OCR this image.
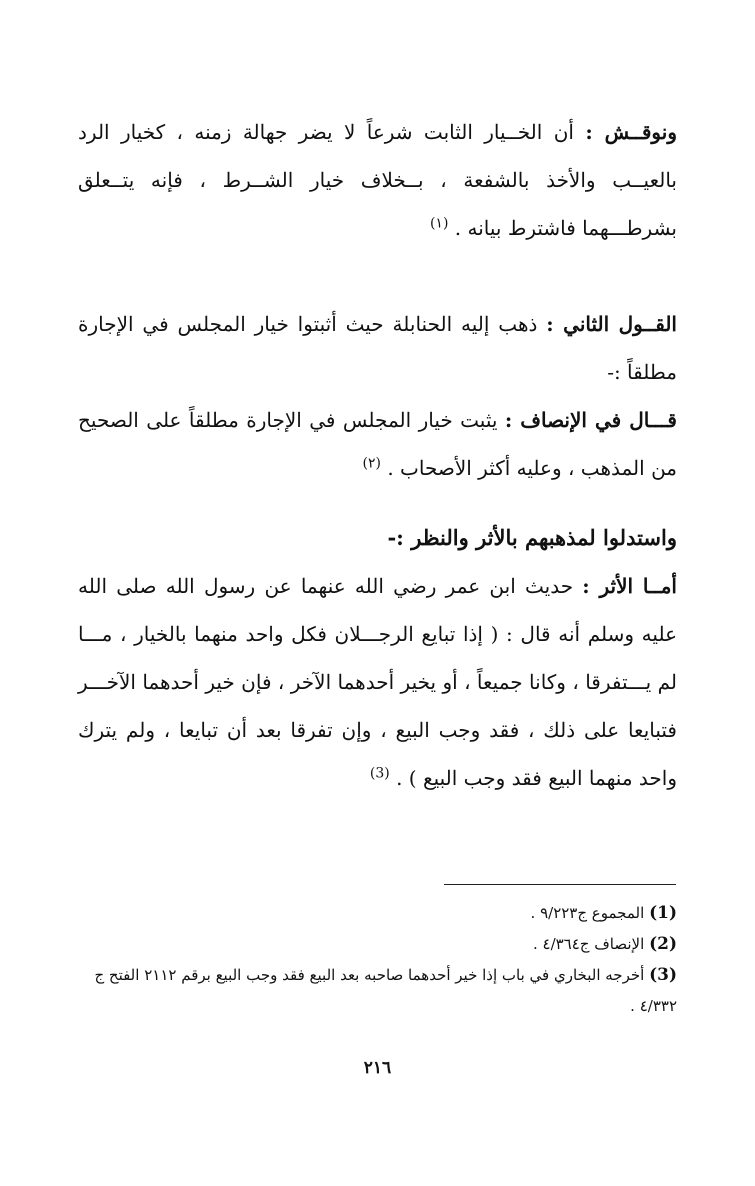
ونوقــش : أن الخــيار الثابت شرعاً لا يضر جهالة زمنه ، كخيار الرد بالعيــب والأخذ بالشفعة ، بــخلاف خيار الشــرط ، فإنه يتــعلق بشرطـــهما فاشترط بيانه . $^{(١)}$

القــول الثاني : ذهب إليه الحنابلة حيث أثبتوا خيار المجلس في الإجارة مطلقاً :-

قـــال في الإنصاف : يثبت خيار المجلس في الإجارة مطلقاً على الصحيح من المذهب ، وعليه أكثر الأصحاب . $^{(٢)}$

واستدلوا لمذهبهم بالأثر والنظر :-

أمــا الأثر : حديث ابن عمر رضي الله عنهما عن رسول الله صلى الله عليه وسلم أنه قال : ( إذا تبايع الرجـــلان فكل واحد منهما بالخيار ، مـــا لم يـــتفرقا ، وكانا جميعاً ، أو يخير أحدهما الآخر ، فإن خير أحدهما الآخـــر فتبايعا على ذلك ، فقد وجب البيع ، وإن تفرقا بعد أن تبايعا ، ولم يترك واحد منهما البيع فقد وجب البيع ) . $^{(3)}$

(1) المجموع ج٩/٢٢٣ .

(2) الإنصاف ج٤/٣٦٤ .

(3) أخرجه البخاري في باب إذا خير أحدهما صاحبه بعد البيع فقد وجب البيع برقم ٢١١٢ الفتح ج ٤/٣٣٢ .

٢١٦
